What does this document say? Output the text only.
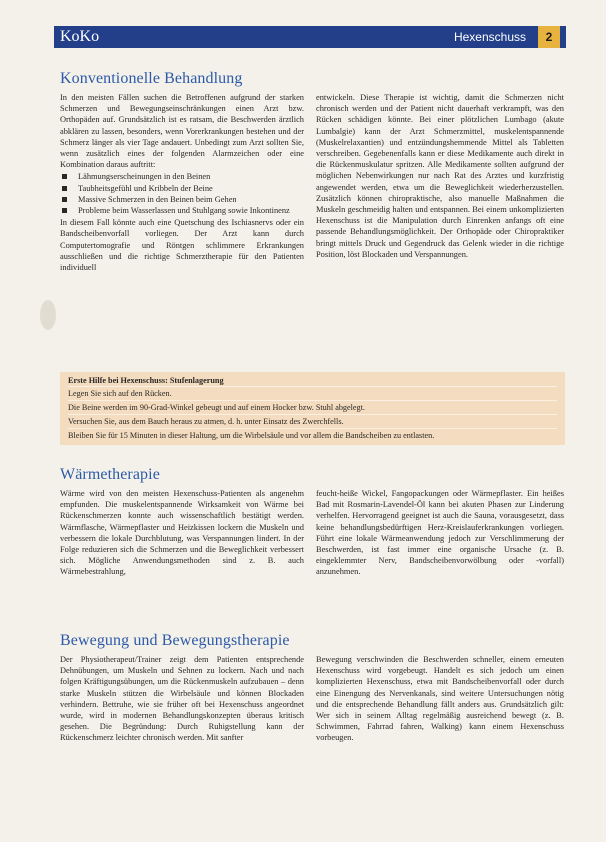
KoKo	Hexenschuss	2
Konventionelle Behandlung

In den meisten Fällen suchen die Betroffenen aufgrund der starken Schmerzen und Bewegungseinschränkungen einen Arzt bzw. Orthopäden auf. Grundsätzlich ist es ratsam, die Beschwerden ärztlich abklären zu lassen, besonders, wenn Vorerkrankungen bestehen und der Schmerz länger als vier Tage andauert. Unbedingt zum Arzt sollten Sie, wenn zusätzlich eines der folgenden Alarmzeichen oder eine Kombination daraus auftritt:

Lähmungserscheinungen in den Beinen
Taubheitsgefühl und Kribbeln der Beine
Massive Schmerzen in den Beinen beim Gehen
Probleme beim Wasserlassen und Stuhlgang sowie Inkontinenz

In diesem Fall könnte auch eine Quetschung des Ischiasnervs oder ein Bandscheibenvorfall vorliegen. Der Arzt kann durch Computertomografie und Röntgen schlimmere Erkrankungen ausschließen und die richtige Schmerztherapie für den Patienten individuell

entwickeln. Diese Therapie ist wichtig, damit die Schmerzen nicht chronisch werden und der Patient nicht dauerhaft verkrampft, was den Rücken schädigen könnte. Bei einer plötzlichen Lumbago (akute Lumbalgie) kann der Arzt Schmerzmittel, muskelentspannende (Muskelrelaxantien) und entzündungshemmende Mittel als Tabletten verschreiben. Gegebenenfalls kann er diese Medikamente auch direkt in die Rückenmuskulatur spritzen. Alle Medikamente sollten aufgrund der möglichen Nebenwirkungen nur nach Rat des Arztes und kurzfristig angewendet werden, etwa um die Beweglichkeit wiederherzustellen. Zusätzlich können chiropraktische, also manuelle Maßnahmen die Muskeln geschmeidig halten und entspannen. Bei einem unkomplizierten Hexenschuss ist die Manipulation durch Einrenken anfangs oft eine passende Behandlungsmöglichkeit. Der Orthopäde oder Chiropraktiker bringt mittels Druck und Gegendruck das Gelenk wieder in die richtige Position, löst Blockaden und Verspannungen.

Erste Hilfe bei Hexenschuss: Stufenlagerung
Legen Sie sich auf den Rücken.
Die Beine werden im 90-Grad-Winkel gebeugt und auf einem Hocker bzw. Stuhl abgelegt.
Versuchen Sie, aus dem Bauch heraus zu atmen, d. h. unter Einsatz des Zwerchfells.
Bleiben Sie für 15 Minuten in dieser Haltung, um die Wirbelsäule und vor allem die Bandscheiben zu entlasten.
Wärmetherapie

Wärme wird von den meisten Hexenschuss-Patienten als angenehm empfunden. Die muskelentspannende Wirksamkeit von Wärme bei Rückenschmerzen konnte auch wissenschaftlich bestätigt werden. Wärmflasche, Wärmepflaster und Heizkissen lockern die Muskeln und verbessern die lokale Durchblutung, was Verspannungen lindert. In der Folge reduzieren sich die Schmerzen und die Beweglichkeit verbessert sich. Mögliche Anwendungsmethoden sind z. B. auch Wärmebestrahlung,

feucht-heiße Wickel, Fangopackungen oder Wärmepflaster. Ein heißes Bad mit Rosmarin-Lavendel-Öl kann bei akuten Phasen zur Linderung verhelfen. Hervorragend geeignet ist auch die Sauna, vorausgesetzt, dass keine behandlungsbedürftigen Herz-Kreislauferkrankungen vorliegen. Führt eine lokale Wärmeanwendung jedoch zur Verschlimmerung der Beschwerden, ist fast immer eine organische Ursache (z. B. eingeklemmter Nerv, Bandscheibenvorwölbung oder -vorfall) anzunehmen.

Bewegung und Bewegungstherapie

Der Physiotherapeut/Trainer zeigt dem Patienten entsprechende Dehnübungen, um Muskeln und Sehnen zu lockern. Nach und nach folgen Kräftigungsübungen, um die Rückenmuskeln aufzubauen – denn starke Muskeln stützen die Wirbelsäule und können Blockaden verhindern. Bettruhe, wie sie früher oft bei Hexenschuss angeordnet wurde, wird in modernen Behandlungskonzepten überaus kritisch gesehen. Die Begründung: Durch Ruhigstellung kann der Rückenschmerz leichter chronisch werden. Mit sanfter

Bewegung verschwinden die Beschwerden schneller, einem erneuten Hexenschuss wird vorgebeugt. Handelt es sich jedoch um einen komplizierten Hexenschuss, etwa mit Bandscheibenvorfall oder durch eine Einengung des Nervenkanals, sind weitere Untersuchungen nötig und die entsprechende Behandlung fällt anders aus. Grundsätzlich gilt: Wer sich in seinem Alltag regelmäßig ausreichend bewegt (z. B. Schwimmen, Fahrrad fahren, Walking) kann einem Hexenschuss vorbeugen.
